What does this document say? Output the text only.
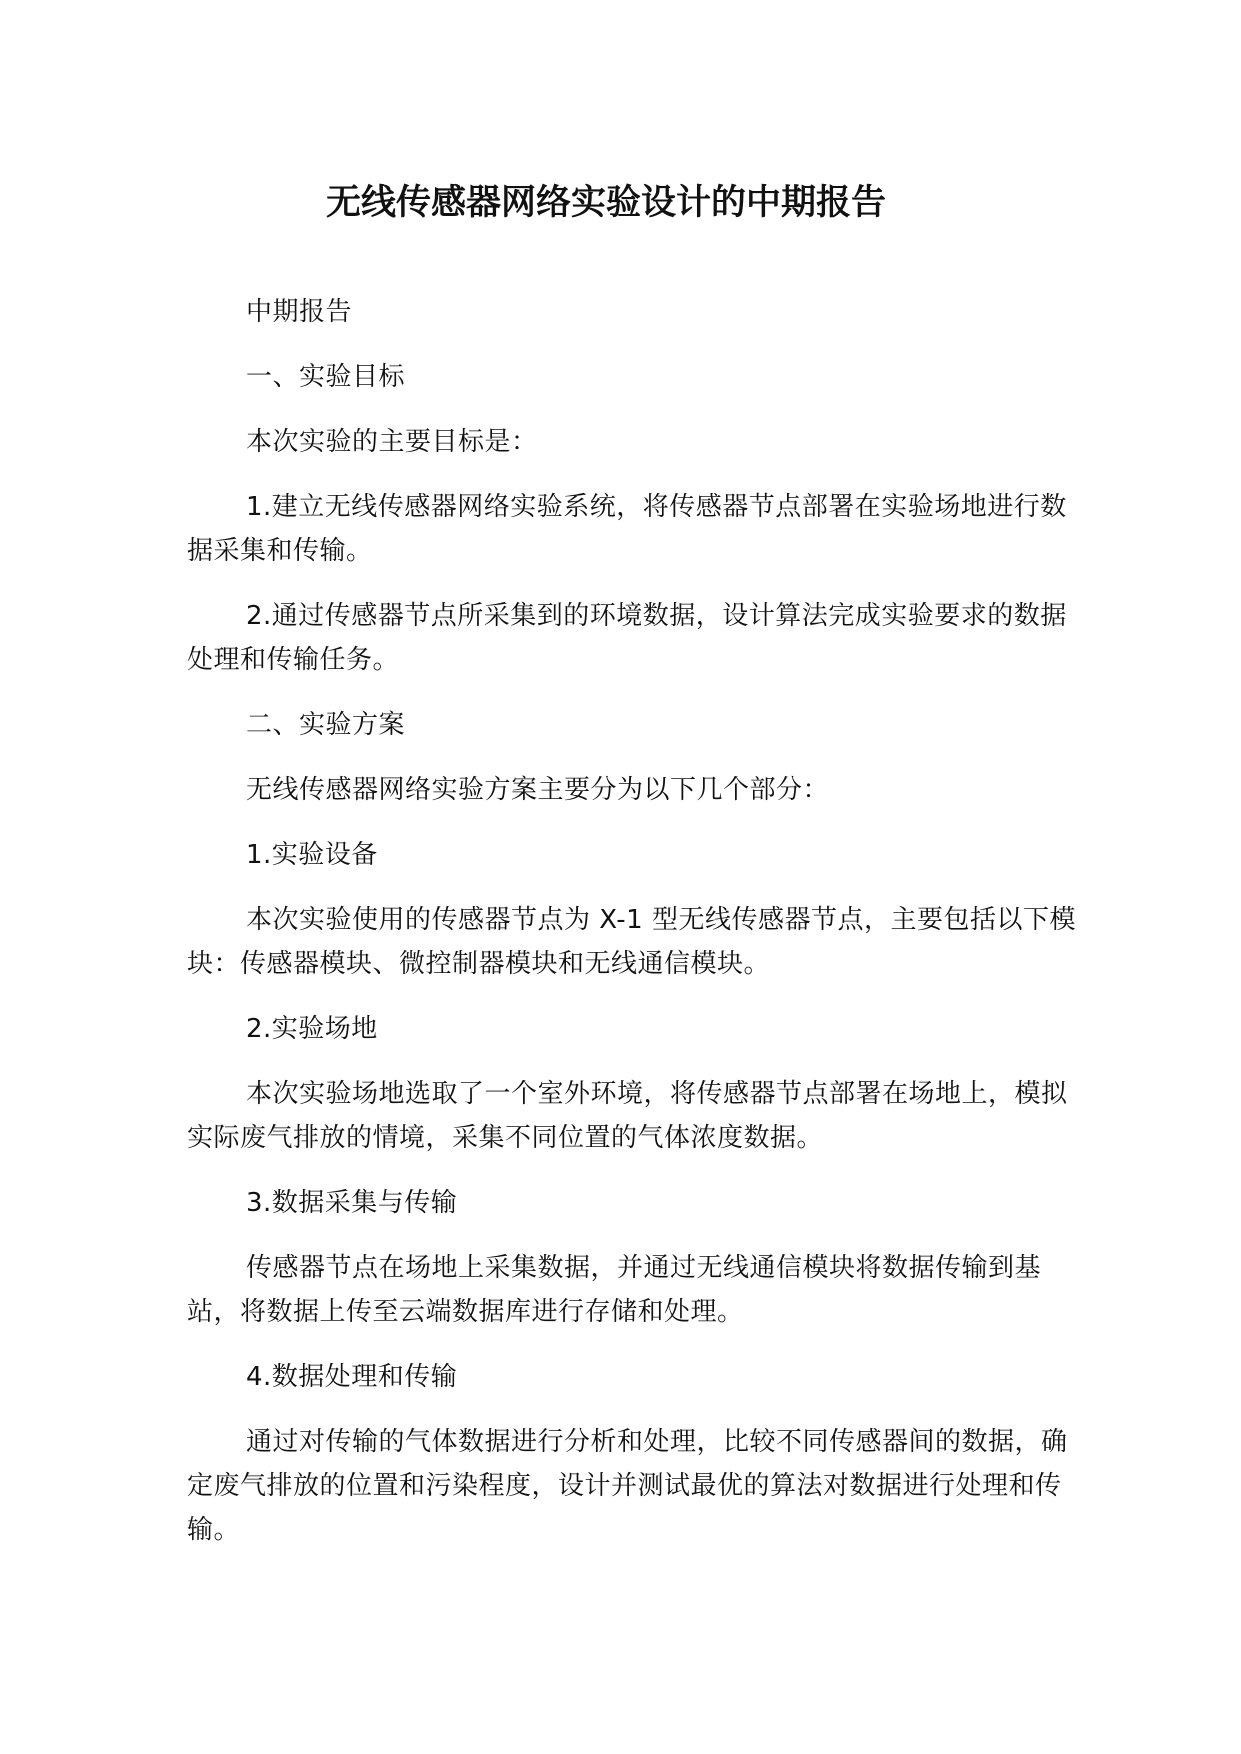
无线传感器网络实验设计的中期报告

中期报告

一、实验目标

本次实验的主要目标是：

1.建立无线传感器网络实验系统，将传感器节点部署在实验场地进行数据采集和传输。

2.通过传感器节点所采集到的环境数据，设计算法完成实验要求的数据处理和传输任务。

二、实验方案

无线传感器网络实验方案主要分为以下几个部分：

1.实验设备

本次实验使用的传感器节点为 X-1 型无线传感器节点，主要包括以下模块：传感器模块、微控制器模块和无线通信模块。

2.实验场地

本次实验场地选取了一个室外环境，将传感器节点部署在场地上，模拟实际废气排放的情境，采集不同位置的气体浓度数据。

3.数据采集与传输

传感器节点在场地上采集数据，并通过无线通信模块将数据传输到基站，将数据上传至云端数据库进行存储和处理。

4.数据处理和传输

通过对传输的气体数据进行分析和处理，比较不同传感器间的数据，确定废气排放的位置和污染程度，设计并测试最优的算法对数据进行处理和传输。
